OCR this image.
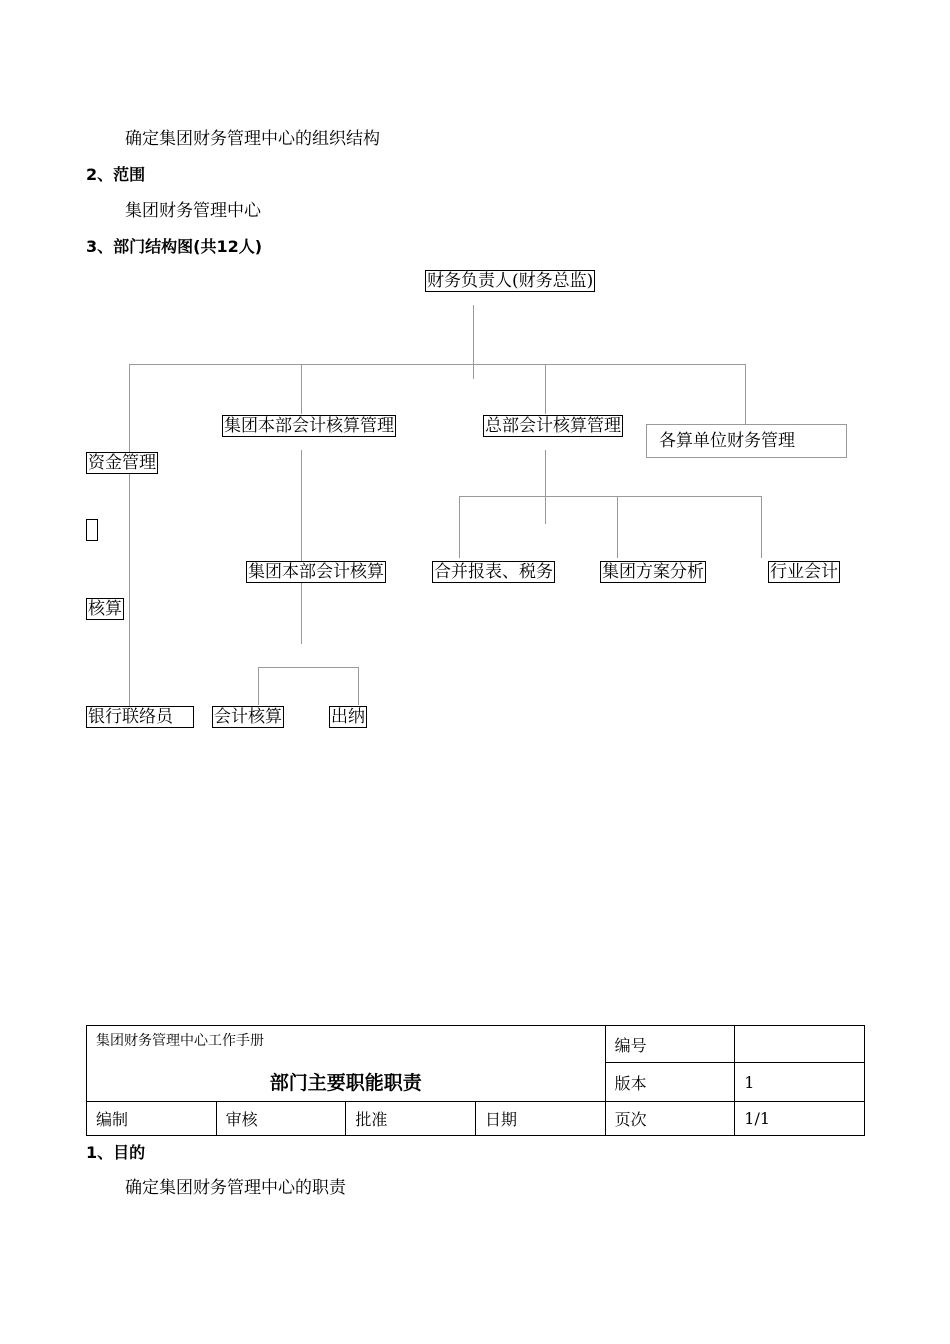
确定集团财务管理中心的组织结构
2、范围
集团财务管理中心
3、部门结构图(共12人)
财务负责人(财务总监)
资金管理
集团本部会计核算管理	总部会计核算管理
各算单位财务管理
集团本部会计核算	合并报表、税务	集团方案分析	行业会计
核算
银行联络员	会计核算	出纳
集团财务管理中心工作手册				编号	
部门主要职能职责				版本	1
编制	审核	批准	日期	页次	1/1
1、目的
确定集团财务管理中心的职责
